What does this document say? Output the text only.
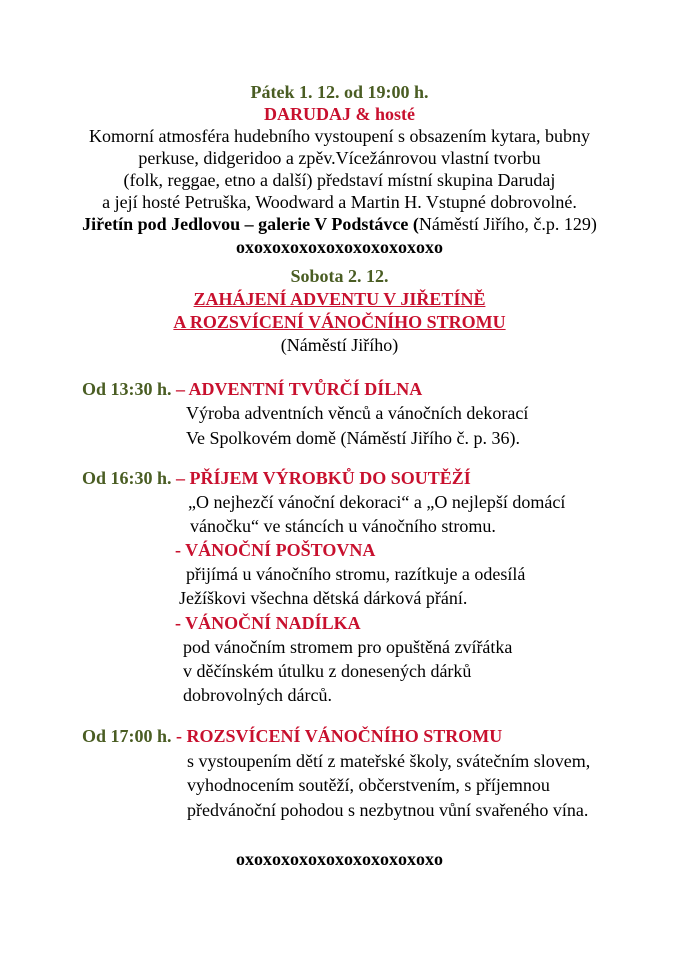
Pátek 1. 12. od 19:00 h.
DARUDAJ & hosté
Komorní atmosféra hudebního vystoupení s obsazením kytara, bubny
perkuse, didgeridoo a zpěv.Vícežánrovou vlastní tvorbu
(folk, reggae, etno a další) představí místní skupina Darudaj
a její hosté Petruška, Woodward a Martin H. Vstupné dobrovolné.
Jiřetín pod Jedlovou – galerie V Podstávce (Náměstí Jiřího, č.p. 129)
oxoxoxoxoxoxoxoxoxoxoxo
Sobota 2. 12.
ZAHÁJENÍ ADVENTU V JIŘETÍNĚ
A ROZSVÍCENÍ VÁNOČNÍHO STROMU
(Náměstí Jiřího)
Od 13:30 h. – ADVENTNÍ TVŮRČÍ DÍLNA
Výroba adventních věnců a vánočních dekorací
Ve Spolkovém domě (Náměstí Jiřího č. p. 36).
Od 16:30 h. – PŘÍJEM VÝROBKŮ DO SOUTĚŽÍ
„O nejhezčí vánoční dekoraci“ a „O nejlepší domácí
vánočku“ ve stáncích u vánočního stromu.
- VÁNOČNÍ POŠTOVNA
přijímá u vánočního stromu, razítkuje a odesílá
Ježíškovi všechna dětská dárková přání.
- VÁNOČNÍ NADÍLKA
pod vánočním stromem pro opuštěná zvířátka
v děčínském útulku z donesených dárků
dobrovolných dárců.
Od 17:00 h. - ROZSVÍCENÍ VÁNOČNÍHO STROMU
s vystoupením dětí z mateřské školy, svátečním slovem,
vyhodnocením soutěží, občerstvením, s příjemnou
předvánoční pohodou s nezbytnou vůní svařeného vína.
oxoxoxoxoxoxoxoxoxoxoxo
